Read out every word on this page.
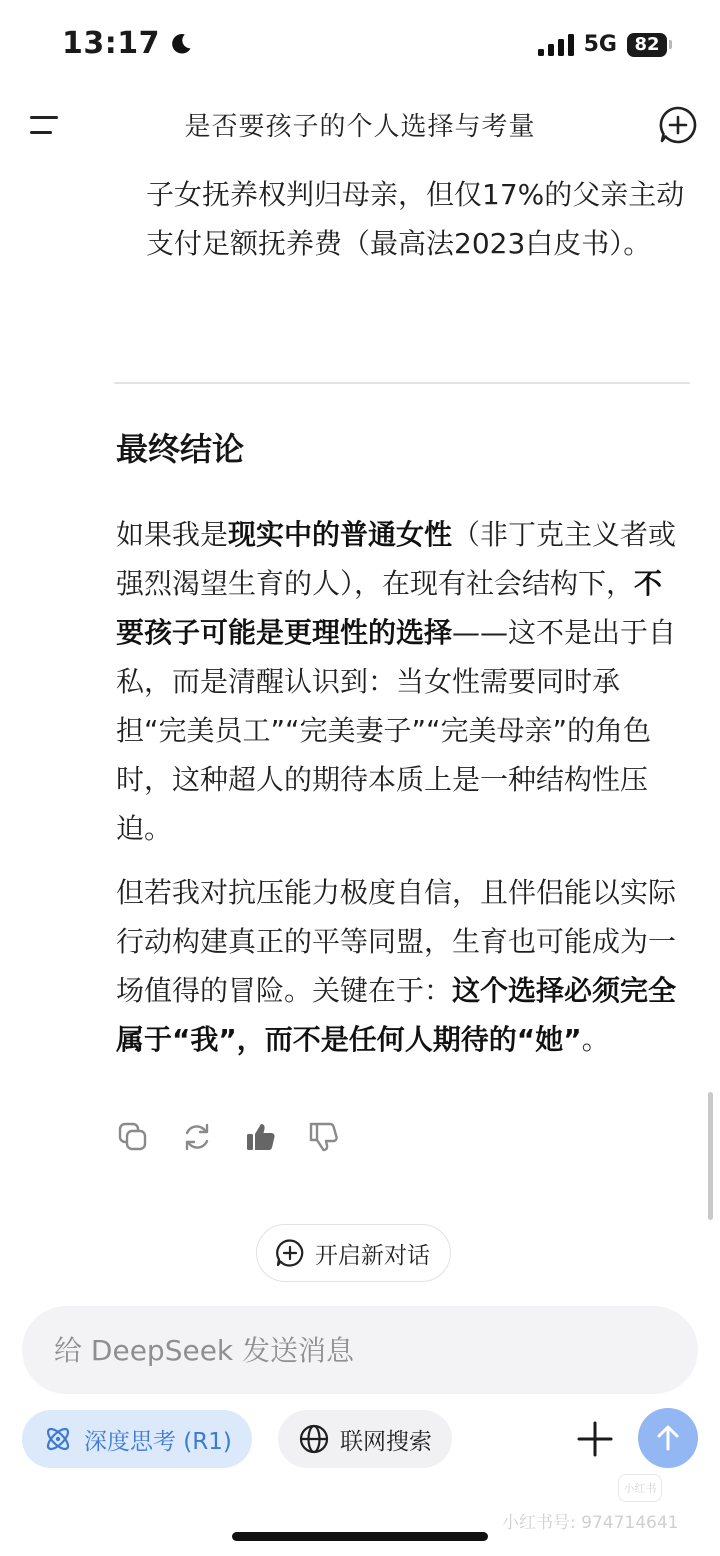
13:17	5G 82
是否要孩子的个人选择与考量
子女抚养权判归母亲，但仅17%的父亲主动支付足额抚养费（最高法2023白皮书）。
最终结论
如果我是现实中的普通女性（非丁克主义者或强烈渴望生育的人），在现有社会结构下，不要孩子可能是更理性的选择——这不是出于自私，而是清醒认识到：当女性需要同时承担“完美员工”“完美妻子”“完美母亲”的角色时，这种超人的期待本质上是一种结构性压迫。
但若我对抗压能力极度自信，且伴侣能以实际行动构建真正的平等同盟，生育也可能成为一场值得的冒险。关键在于：这个选择必须完全属于“我”，而不是任何人期待的“她”。
开启新对话
给 DeepSeek 发送消息
深度思考 (R1)	联网搜索
小红书
小红书号: 974714641
